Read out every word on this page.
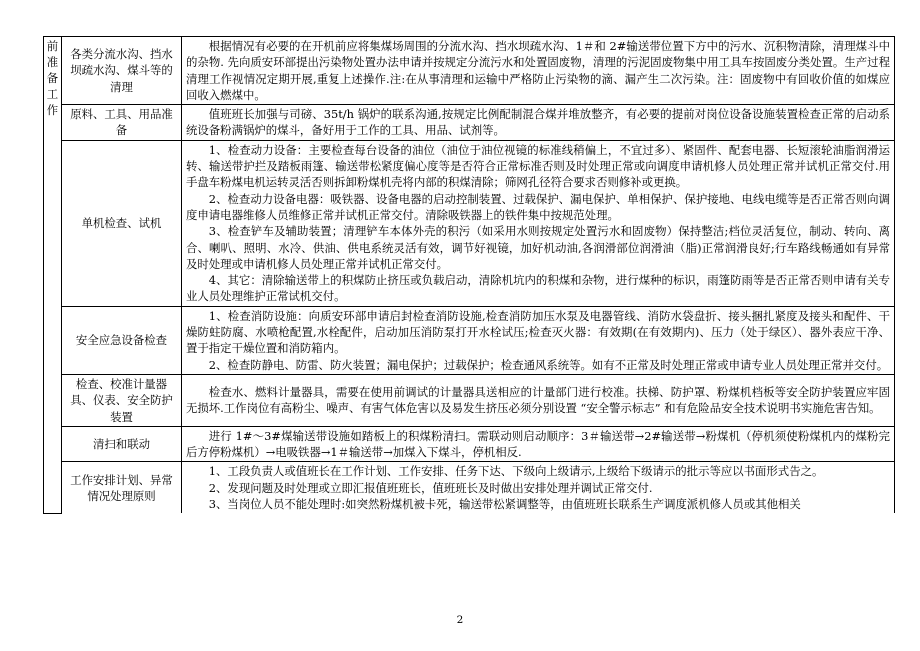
前准备工作	各类分流水沟、挡水坝疏水沟、煤斗等的清理	根据情况有必要的在开机前应将集煤场周围的分流水沟、挡水坝疏水沟、1＃和 2#输送带位置下方中的污水、沉积物清除，清理煤斗中的杂物. 先向质安环部提出污染物处置办法申请并按规定分流污水和处置固废物，清理的污泥固废物集中用工具车按固废分类处置。生产过程清理工作视情况定期开展,重复上述操作.注:在从事清理和运输中严格防止污染物的滴、漏产生二次污染。注：固废物中有回收价值的如煤应回收入燃煤中。

	原料、工具、用品准备	值班班长加强与司磅、35t/h 锅炉的联系沟通,按规定比例配制混合煤并堆放整齐，有必要的提前对岗位设备设施装置检查正常的启动系统设备粉满锅炉的煤斗，备好用于工作的工具、用品、试剂等。

	单机检查、试机	1、检查动力设备：主要检查每台设备的油位（油位于油位视镜的标准线稍偏上，不宜过多）、紧固件、配套电器、长短滚轮油脂润滑运转、输送带护拦及踏板雨篷、输送带松紧度偏心度等是否符合正常标准否则及时处理正常或向调度申请机修人员处理正常并试机正常交付.用手盘车粉煤电机运转灵活否则拆卸粉煤机壳将内部的积煤清除；筛网孔径符合要求否则修补或更换。

2、检查动力设备电器：吸铁器、设备电器的启动控制装置、过载保护、漏电保护、单相保护、保护接地、电线电缆等是否正常否则向调度申请电器维修人员维修正常并试机正常交付。清除吸铁器上的铁件集中按规范处理。

3、检查铲车及辅助装置；清理铲车本体外壳的积污（如采用水则按规定处置污水和固废物）保持整洁;档位灵活复位，制动、转向、离合、喇叭、照明、水冷、供油、供电系统灵活有效，调节好视镜，加好机动油,各润滑部位润滑油（脂)正常润滑良好;行车路线畅通如有异常及时处理或申请机修人员处理正常并试机正常交付。

4、其它：清除输送带上的积煤防止挤压或负载启动，清除机坑内的积煤和杂物，进行煤种的标识，雨篷防雨等是否正常否则申请有关专业人员处理维护正常试机交付。

	安全应急设备检查	1、检查消防设施：向质安环部申请启封检查消防设施,检查消防加压水泵及电器管线、消防水袋盘折、接头捆扎紧度及接头和配件、干燥防蛀防腐、水喷枪配置,水栓配件，启动加压消防泵打开水栓试压;检查灭火器：有效期(在有效期内)、压力（处于绿区）、器外表应干净、置于指定干燥位置和消防箱内。

2、检查防静电、防雷、防火装置；漏电保护；过载保护；检查通风系统等。如有不正常及时处理正常或申请专业人员处理正常并交付。

	检查、校准计量器具、仪表、安全防护装置	检查水、燃料计量器具，需要在使用前调试的计量器具送相应的计量部门进行校准。扶梯、防护罩、粉煤机档板等安全防护装置应牢固无损坏.工作岗位有高粉尘、噪声、有害气体危害以及易发生挤压必须分别设置 “安全警示标志” 和有危险品安全技术说明书实施危害告知。

	清扫和联动	进行 1#～3#煤输送带设施如踏板上的积煤粉清扫。需联动则启动顺序：3＃输送带→2#输送带→粉煤机（停机须使粉煤机内的煤粉完后方停粉煤机）→电吸铁器→1＃输送带→加煤入下煤斗，停机相反.

	工作安排计划、异常情况处理原则	1、工段负责人或值班长在工作计划、工作安排、任务下达、下级向上级请示,上级给下级请示的批示等应以书面形式告之。

2、发现问题及时处理或立即汇报值班班长，值班班长及时做出安排处理并调试正常交付.

3、当岗位人员不能处理时:如突然粉煤机被卡死，输送带松紧调整等，由值班班长联系生产调度派机修人员或其他相关

2
